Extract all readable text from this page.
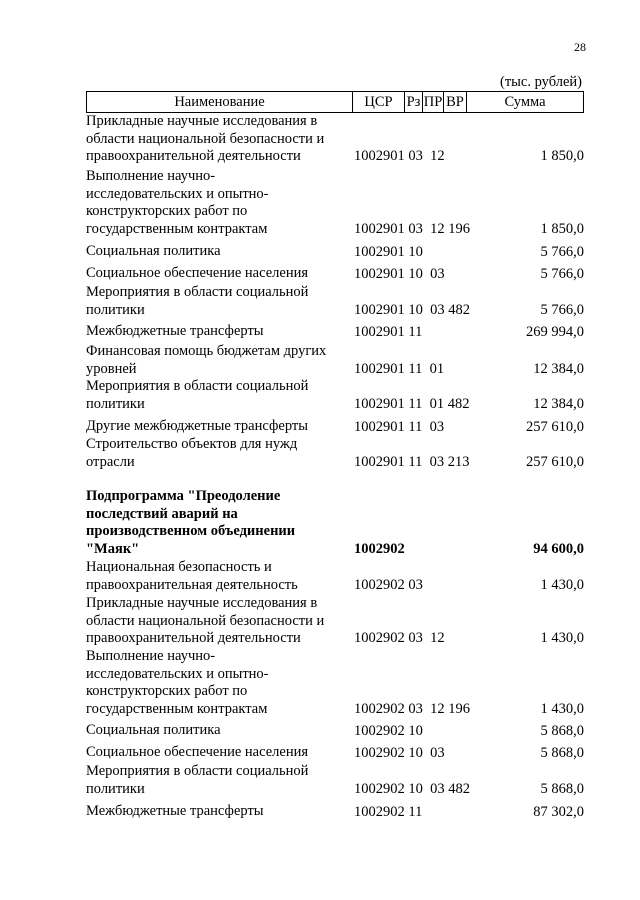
28
(тыс. рублей)
Наименование	ЦСР Рз ПР ВР	Сумма
Прикладные научные исследования в
области национальной безопасности и
правоохранительной деятельности	1002901 03  12	1 850,0
Выполнение научно-
исследовательских и опытно-
конструкторских работ по
государственным контрактам	1002901 03  12 196	1 850,0
Социальная политика	1002901 10	5 766,0
Социальное обеспечение населения	1002901 10  03	5 766,0
Мероприятия в области социальной
политики	1002901 10  03 482	5 766,0
Межбюджетные трансферты	1002901 11	269 994,0
Финансовая помощь бюджетам других
уровней	1002901 11  01	12 384,0
Мероприятия в области социальной
политики	1002901 11  01 482	12 384,0
Другие межбюджетные трансферты	1002901 11  03	257 610,0
Строительство объектов для нужд
отрасли	1002901 11  03 213	257 610,0
Подпрограмма "Преодоление
последствий аварий на
производственном объединении
"Маяк"	1002902	94 600,0
Национальная безопасность и
правоохранительная деятельность	1002902 03	1 430,0
Прикладные научные исследования в
области национальной безопасности и
правоохранительной деятельности	1002902 03  12	1 430,0
Выполнение научно-
исследовательских и опытно-
конструкторских работ по
государственным контрактам	1002902 03  12 196	1 430,0
Социальная политика	1002902 10	5 868,0
Социальное обеспечение населения	1002902 10  03	5 868,0
Мероприятия в области социальной
политики	1002902 10  03 482	5 868,0
Межбюджетные трансферты	1002902 11	87 302,0
